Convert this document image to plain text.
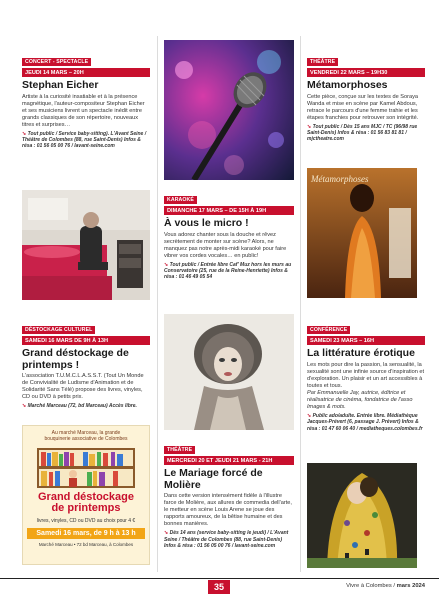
CONCERT - SPECTACLE
JEUDI 14 MARS – 20H
Stephan Eicher

Artiste à la curiosité insatiable et à la présence magnétique, l'auteur-compositeur Stephan Eicher et ses musiciens livrent un spectacle inédit entre grands classiques de son répertoire, nouveaux titres et surprises…

➘ Tout public / Service baby-sitting). L'Avant Seine / Théâtre de Colombes (88, rue Saint-Denis) Infos & résa : 01 56 05 00 76 / lavant-seine.com

DÉSTOCKAGE CULTUREL
SAMEDI 16 MARS DE 9H À 13H
Grand déstockage de printemps !

L'association T.U.M.C.L.A.S.S.T. (Tout Un Monde de Convivialité de Ludisme d'Animation et de Solidarité Sans Télé) propose des livres, vinyles, CD ou DVD à petits prix.

➘ Marché Marceau (72, bd Marceau) Accès libre.

Au marché Marceau, la grande
bouquinerie associative de Colombes
Grand déstockage
de printemps
livres, vinyles, CD ou DVD au choix pour 4 €
Samedi 16 mars, de 9 h à 13 h
Marché Marceau • 72 bd Marceau, à Colombes
KARAOKÉ
DIMANCHE 17 MARS – DE 15H À 19H
À vous le micro !

Vous adorez chanter sous la douche et rêvez secrètement de monter sur scène? Alors, ne manquez pas notre après-midi karaoké pour faire vibrer vos cordes vocales… en public!

➘ Tout public / Entrée libre Caf' Muz hors les murs au Conservatoire (25, rue de la Reine-Henriette) Infos & résa : 01 46 49 05 54

THÉÂTRE
MERCREDI 20 ET JEUDI 21 MARS - 21H
Le Mariage forcé de Molière

Dans cette version intensément fidèle à l'illustre farce de Molière, aux allures de commedia dell'arte, le metteur en scène Louis Arene se joue des rapports amoureux, de la bêtise humaine et des bonnes manières.

➘ Dès 14 ans (service baby-sitting le jeudi) / L'Avant Seine / Théâtre de Colombes (88, rue Saint-Denis) Infos & résa : 01 56 05 00 76 / lavant-seine.com

THÉÂTRE
VENDREDI 22 MARS – 19H30
Métamorphoses

Cette pièce, conçue sur les textes de Soraya Wanda et mise en scène par Kamel Abdous, retrace le parcours d'une femme trahie et les étapes franchies pour retrouver son intégrité.

➘ Tout public / Dès 15 ans MJC / TC (96/98 rue Saint-Denis) Infos & résa : 01 56 83 81 81 / mjctheatre.com

Métamorphoses
CONFÉRENCE
SAMEDI 23 MARS – 16H
La littérature érotique

Les mots pour dire la passion, la sensualité, la sexualité sont une infinie source d'inspiration et d'exploration. Un plaisir et un art accessibles à toutes et tous.

Par Emmanuelle Jay, autrice, éditrice et réalisatrice de cinéma, fondatrice de l'asso Images & mots.

➘ Public ado/adulte. Entrée libre. Médiathèque Jacques-Prévert (6, passage J. Prévert) Infos & résa : 01 47 60 06 40 / mediatheques.colombes.fr

35	Vivre à Colombes / mars 2024
